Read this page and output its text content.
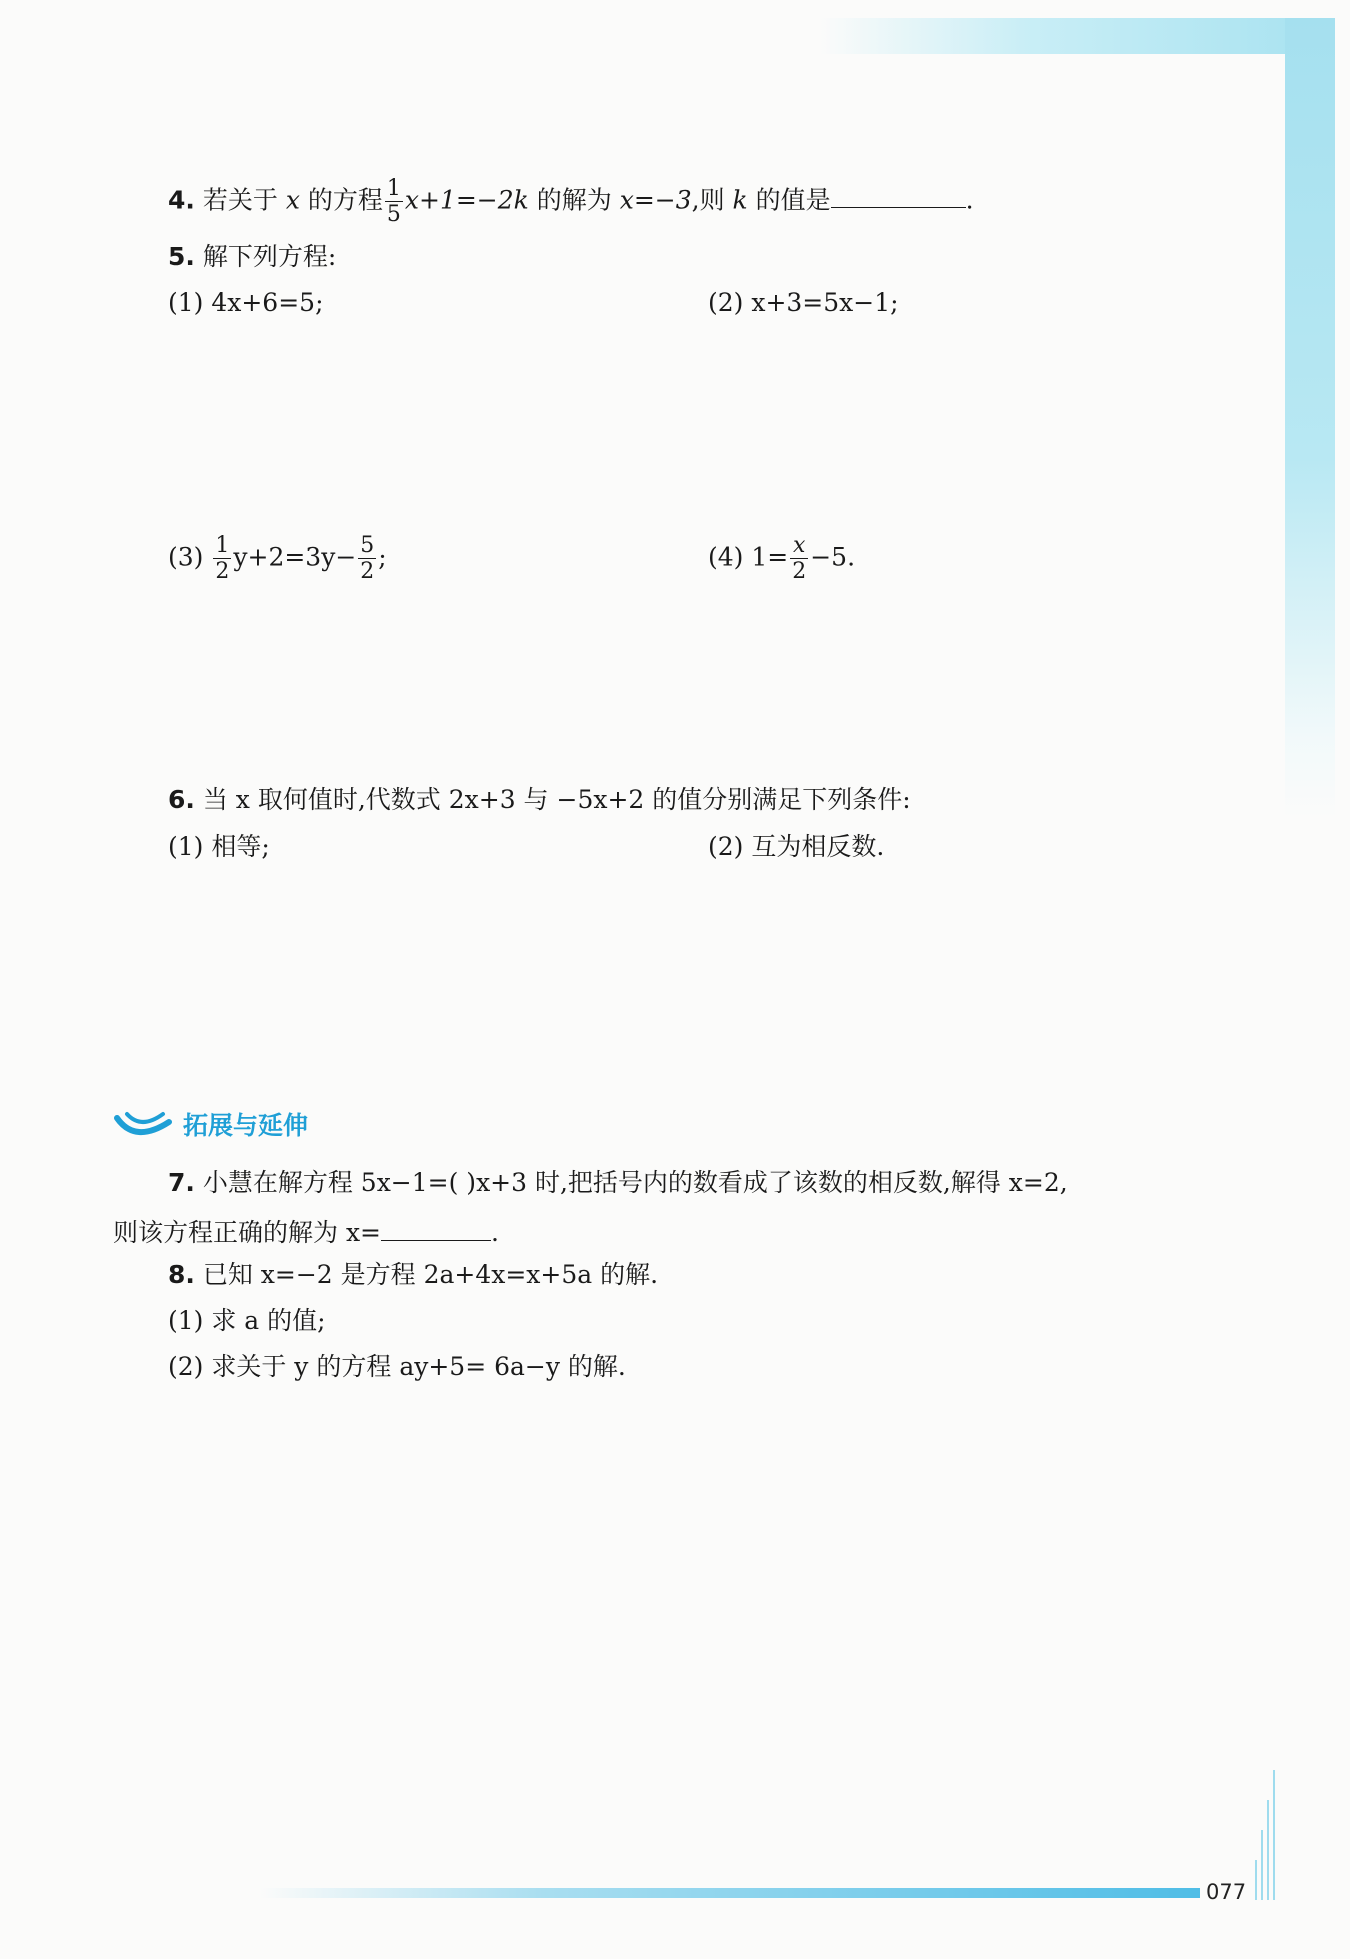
4. 若关于 x 的方程 $\frac{1}{5} x+1=-2k$ 的解为 x=−3,则 k 的值是	.
5. 解下列方程:
(1) 4x+6=5;	(2) x+3=5x−1;
$(3) \frac{1}{2} y+2=3y- \frac{5}{2}$ ;	(4) $1= \frac{x}{2} -5$.
6. 当 x 取何值时,代数式 2x+3 与 −5x+2 的值分别满足下列条件:
(1) 相等;	(2) 互为相反数.
拓展与延伸
7. 小慧在解方程 5x−1=( )x+3 时,把括号内的数看成了该数的相反数,解得 x=2,
则该方程正确的解为 x=	.
8. 已知 x=−2 是方程 2a+4x=x+5a 的解.
(1) 求 a 的值;
(2) 求关于 y 的方程 ay+5= 6a−y 的解.
077
